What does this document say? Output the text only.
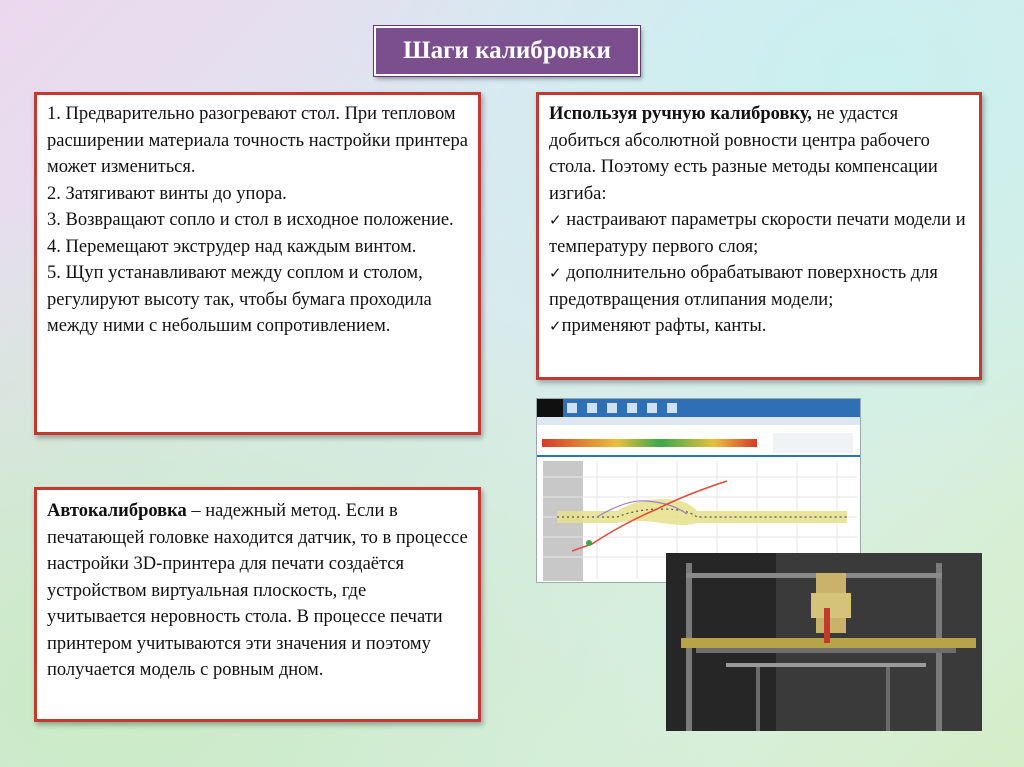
Шаги калибровки

1. Предварительно разогревают стол. При тепловом расширении материала точность настройки принтера может измениться.

2. Затягивают винты до упора.

3. Возвращают сопло и стол в исходное положение.

4. Перемещают экструдер над каждым винтом.

5. Щуп устанавливают между соплом и столом, регулируют высоту так, чтобы бумага проходила между ними с небольшим сопротивлением.

Используя ручную калибровку, не удастся добиться абсолютной ровности центра рабочего стола. Поэтому есть разные методы компенсации изгиба:

✓ настраивают параметры скорости печати модели и температуру первого слоя;

✓ дополнительно обрабатывают поверхность для предотвращения отлипания модели;

✓применяют рафты, канты.

Автокалибровка – надежный метод. Если в печатающей головке находится датчик, то в процессе настройки 3D-принтера для печати создаётся устройством виртуальная плоскость, где учитывается неровность стола. В процессе печати принтером учитываются эти значения и поэтому получается модель с ровным дном.
